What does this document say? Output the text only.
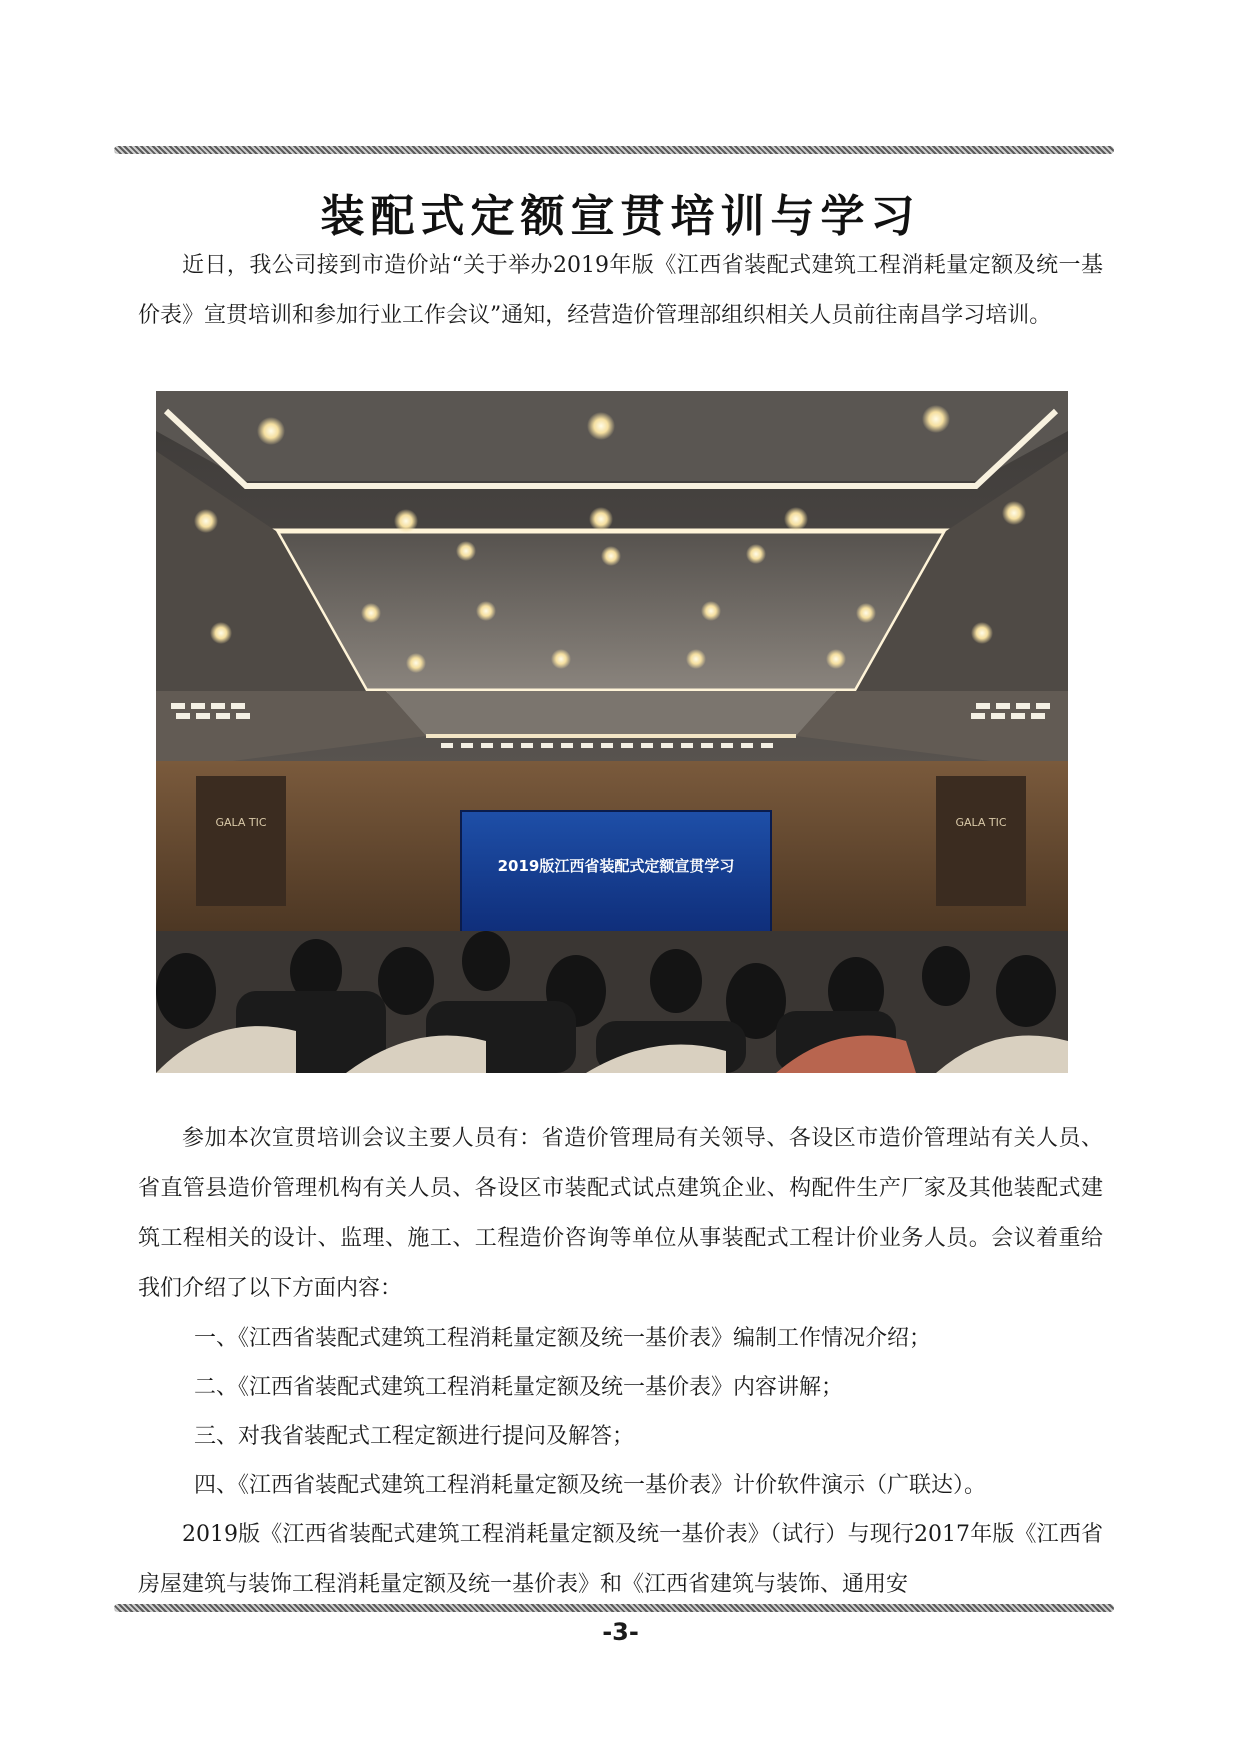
装配式定额宣贯培训与学习

近日，我公司接到市造价站“关于举办2019年版《江西省装配式建筑工程消耗量定额及统一基价表》宣贯培训和参加行业工作会议”通知，经营造价管理部组织相关人员前往南昌学习培训。

GALA TIC	GALA TIC
2019版江西省装配式定额宣贯学习

参加本次宣贯培训会议主要人员有：省造价管理局有关领导、各设区市造价管理站有关人员、省直管县造价管理机构有关人员、各设区市装配式试点建筑企业、构配件生产厂家及其他装配式建筑工程相关的设计、监理、施工、工程造价咨询等单位从事装配式工程计价业务人员。会议着重给我们介绍了以下方面内容：

一、《江西省装配式建筑工程消耗量定额及统一基价表》编制工作情况介绍；
二、《江西省装配式建筑工程消耗量定额及统一基价表》内容讲解；
三、对我省装配式工程定额进行提问及解答；
四、《江西省装配式建筑工程消耗量定额及统一基价表》计价软件演示（广联达）。

2019版《江西省装配式建筑工程消耗量定额及统一基价表》（试行）与现行2017年版《江西省房屋建筑与装饰工程消耗量定额及统一基价表》和《江西省建筑与装饰、通用安

-3-
